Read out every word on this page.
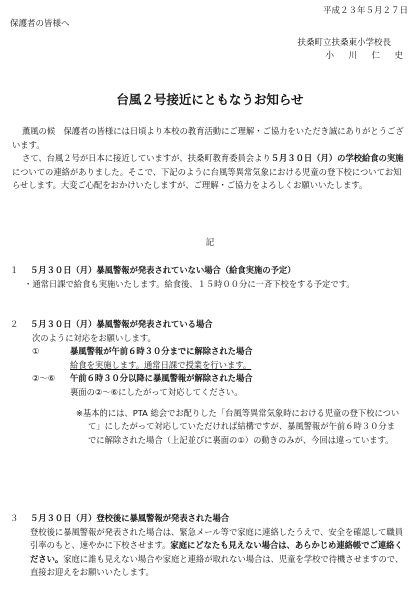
平成２３年５月２７日
保護者の皆様へ
扶桑町立扶桑東小学校長
小　川　仁　史
台風２号接近にともなうお知らせ

薫風の候　保護者の皆様には日頃より本校の教育活動にご理解・ご協力をいただき誠にありがとうございます。

さて、台風２号が日本に接近していますが、扶桑町教育委員会より５月３０日（月）の学校給食の実施についての連絡がありました。そこで、下記のように台風等異常気象における児童の登下校についてお知らせします。大変ご心配をおかけいたしますが、ご理解・ご協力をよろしくお願いいたします。

記
１ ５月３０日（月）暴風警報が発表されていない場合（給食実施の予定）
・通常日課で給食も実施いたします。給食後、１５時００分に一斉下校をする予定です。
２ ５月３０日（月）暴風警報が発表されている場合
次のように対応をお願いします。
①	暴風警報が午前６時３０分までに解除された場合
給食を実施します。通常日課で授業を行います。
②〜⑥	午前６時３０分以降に暴風警報が解除された場合
裏面の②〜⑥にしたがって対応してください。
※基本的には、PTA 総会でお配りした「台風等異常気象時における児童の登下校について」にしたがって対応していただければ結構ですが、暴風警報が午前６時３０分までに解除された場合（上記並びに裏面の①）の動きのみが、今回は違っています。
３ ５月３０日（月）登校後に暴風警報が発表された場合
登校後に暴風警報が発表された場合は、緊急メール等で家庭に連絡したうえで、安全を確認して職員引率のもと、速やかに下校させます。家庭にどなたも見えない場合は、あらかじめ連絡帳でご連絡ください。家庭に誰も見えない場合や家庭と連絡が取れない場合は、児童を学校で待機させますので、直接お迎えをお願いいたします。
